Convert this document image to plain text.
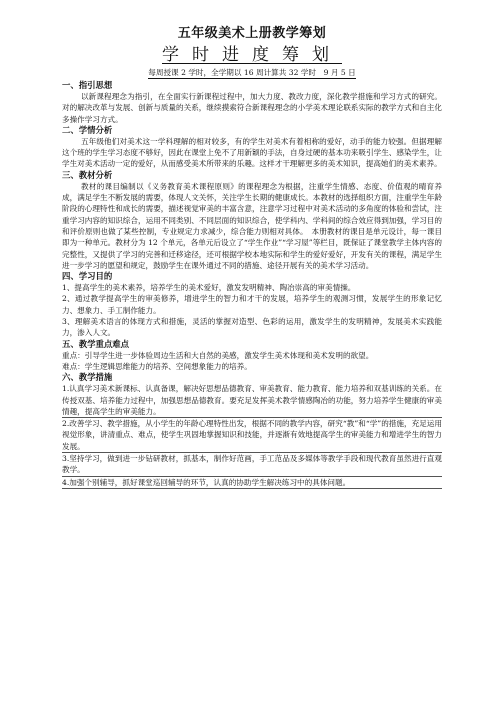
五年级美术上册教学筹划
学时进度筹划
每周授课 2 学时，全学期以 16 周计算共 32 学时　9 月 5 日
一、指引思想

以新课程理念为指引，在全面实行新课程过程中，加大力度、教改力度，深化教学措施和学习方式的研究。对的解决改革与发展、创新与质量的关系，继续摸索符合新课程理念的小学美术理论联系实际的教学方式和自主化多操作学习方式。

二、学情分析

五年级他们对美术这一学科理解的相对较多，有的学生对美术有着相称的爱好，动手的能力较强。但据理解这个班的学生学习态度不够好，因此在课堂上免不了用新颖的手法，自身过硬的基本功来吸引学生、感染学生，让学生对美术活动一定的爱好，从而感受美术所带来的乐趣。这样才干理解更多的美术知识，提高她们的美术素养。

三、教材分析

教材的课目编制以《义务教育美术课程原则》的课程理念为根据，注重学生情感、态度、价值观的晴育养成，满足学生不断发展的需要，体现人文关怀，关注学生长期的健康成长。本教材的选择组织方面，注重学生年龄阶段的心理特性和成长的需要，描述视觉审美的丰富含意，注意学习过程中对美术活动的多角度的体验和尝试，注重学习内容的知识综合，运用不同类别、不同层面的知识综合，使学科内、学科间的综合效应得到加强，学习目的和评价原则也做了某些控制，专业规定力求减少，综合能力则相对具体。　本册教材的课目是单元设计，每一课目即为一种单元。教材分为 12 个单元，各单元后设立了“学生作业”“学习屋”等栏目，既保证了课堂教学主体内容的完整性，又提供了学习的完善和迁移途径，还可根据学校本地实际和学生的爱好爱好，开发有关的课程，满足学生进一步学习的愿望和规定，鼓励学生在课外通过不同的措施、途径开展有关的美术学习活动。

四、学习目的

1、提高学生的美术素养，培养学生的美术爱好，激发发明精神、陶冶崇高的审美情操。

2、通过教学提高学生的审美修养，增进学生的智力和才干的发展，培养学生的观测习惯，发展学生的形象记忆力、想象力、手工制作能力。

3、理解美术语言的体现方式和措施，灵活的掌握对造型、色彩的运用，激发学生的发明精神，发展美术实践能力，渗入人文。

五、教学重点难点

重点：引导学生进一步体验周边生活和大自然的美感，激发学生美术体现和美术发明的欲望。

难点：学生逻辑思维能力的培养、空间想象能力的培养。

六、教学措施

1.认真学习美术新课标、认真备课，解决好思想品德教育、审美教育、能力教育、能力培养和双基训练的关系。在传授双基、培养能力过程中，加强思想品德教育。要充足发挥美术教学情感陶冶的功能，努力培养学生健康的审美情趣，提高学生的审美能力。

2.改善学习、教学措施，从小学生的年龄心理特性出发，根据不同的教学内容，研究“教”和“学”的措施，充足运用视觉形象，讲清重点、难点，使学生巩固地掌握知识和技能，并逐渐有效地提高学生的审美能力和增进学生的智力发展。

3.坚持学习，做到进一步钻研教材，抓基本，制作好范画，手工范品及多媒体等教学手段和现代教育虽然进行直观教学。

4.加强个别辅导，抓好课堂巡回辅导的环节，认真的协助学生解决练习中的具体问题。
